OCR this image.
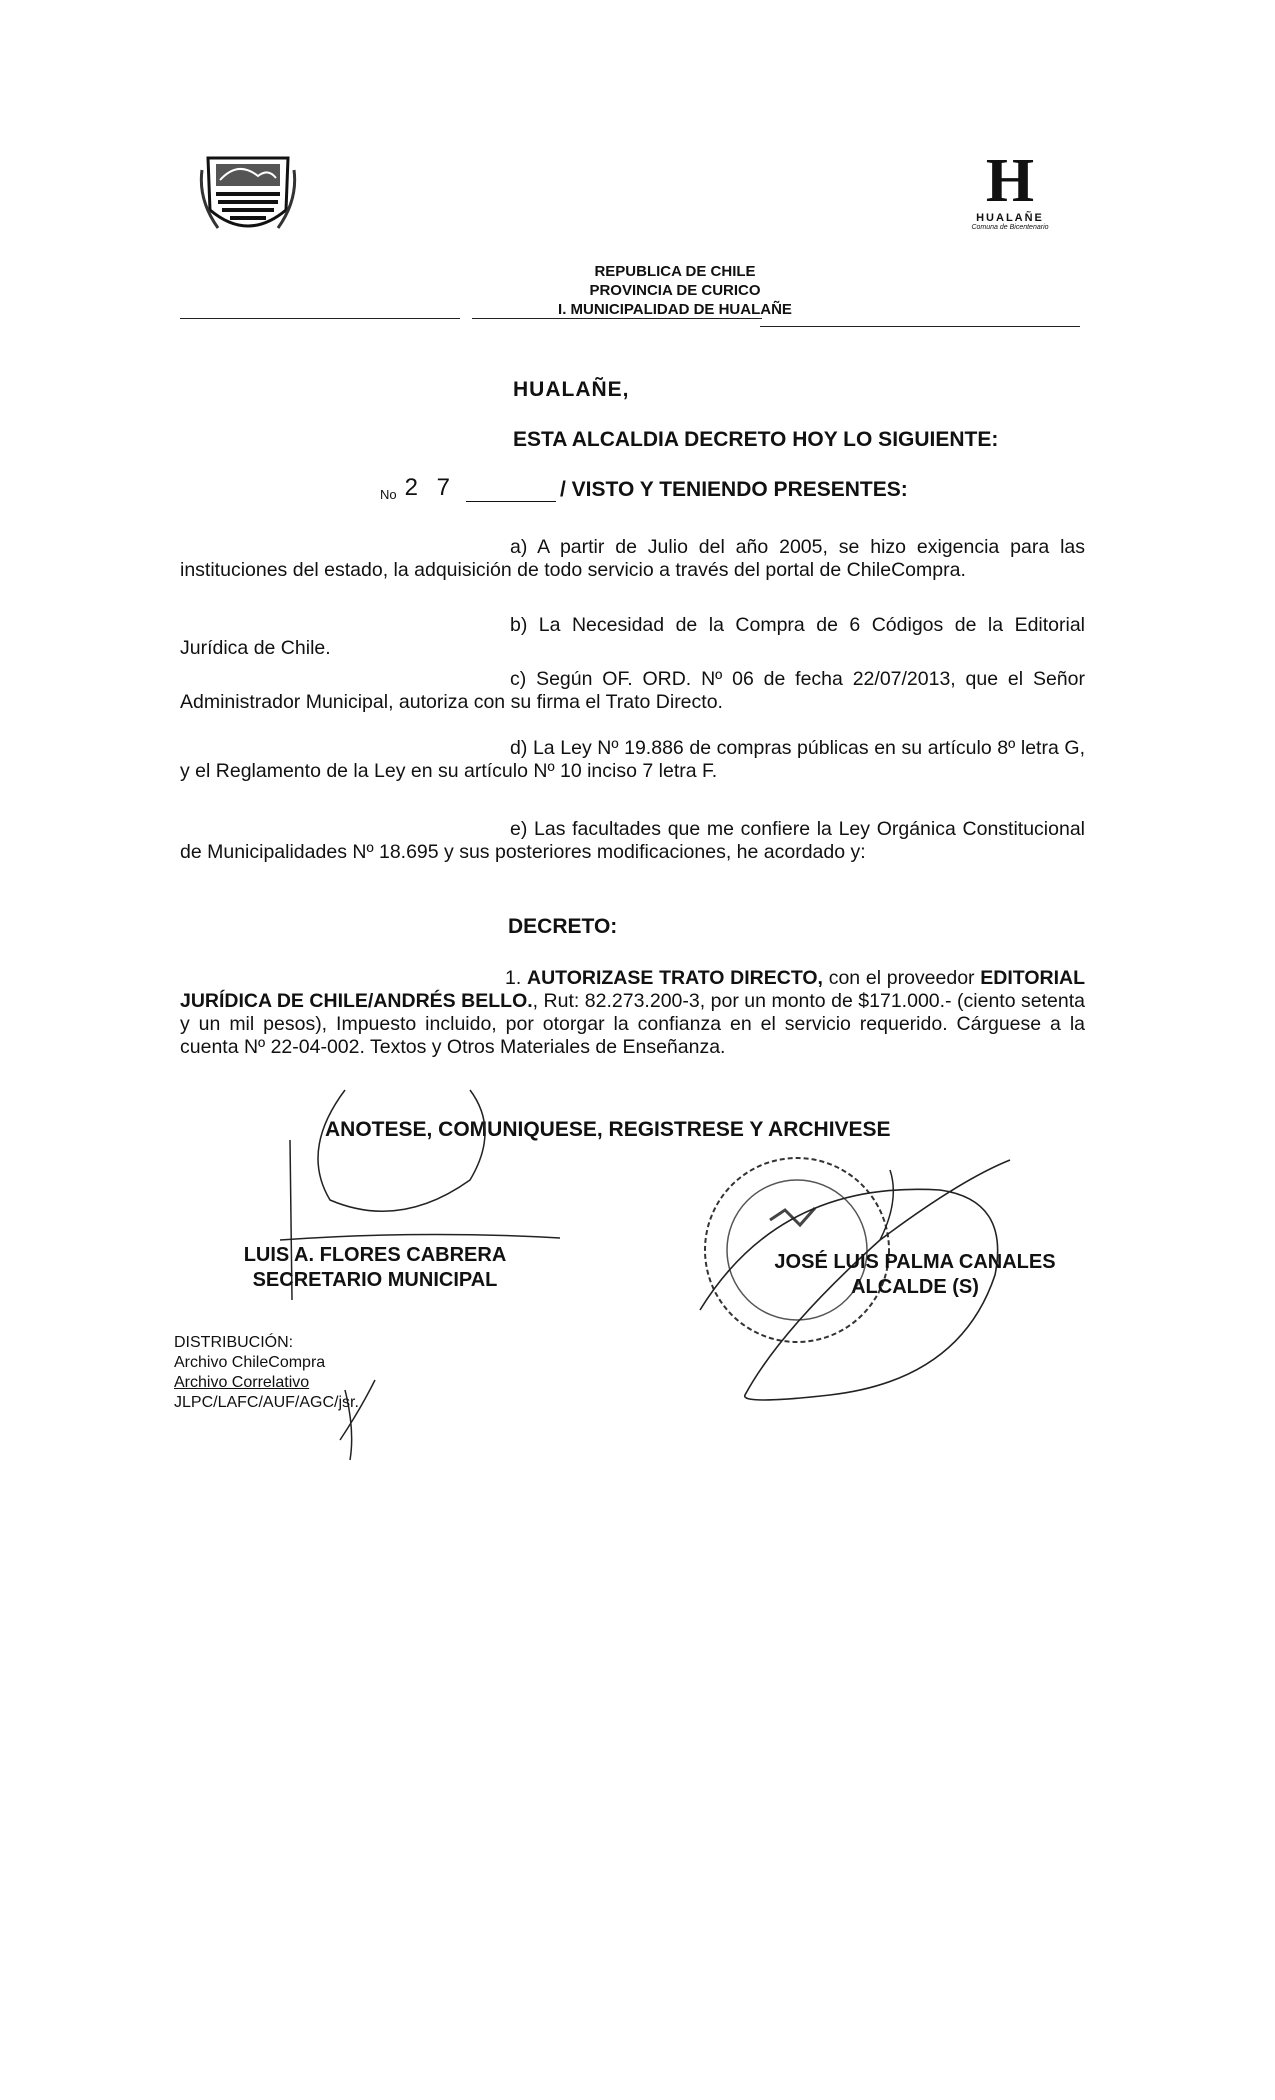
H
HUALAÑE
Comuna de Bicentenario
REPUBLICA DE CHILE
PROVINCIA DE CURICO
I. MUNICIPALIDAD DE HUALAÑE
HUALAÑE,
ESTA ALCALDIA DECRETO HOY LO SIGUIENTE:
No 2 7	/ VISTO Y TENIENDO PRESENTES:
a) A partir de Julio del año 2005, se hizo exigencia para las instituciones del estado, la adquisición de todo servicio a través del portal de ChileCompra.
b) La Necesidad de la Compra de 6 Códigos de la Editorial Jurídica de Chile.
c) Según OF. ORD. Nº 06 de fecha 22/07/2013, que el Señor Administrador Municipal, autoriza con su firma el Trato Directo.
d) La Ley Nº 19.886 de compras públicas en su artículo 8º letra G, y el Reglamento de la Ley en su artículo Nº 10 inciso 7 letra F.
e) Las facultades que me confiere la Ley Orgánica Constitucional de Municipalidades Nº 18.695 y sus posteriores modificaciones, he acordado y:
DECRETO:
1. AUTORIZASE TRATO DIRECTO, con el proveedor EDITORIAL JURÍDICA DE CHILE/ANDRÉS BELLO., Rut: 82.273.200-3, por un monto de $171.000.- (ciento setenta y un mil pesos), Impuesto incluido, por otorgar la confianza en el servicio requerido. Cárguese a la cuenta Nº 22-04-002. Textos y Otros Materiales de Enseñanza.
ANOTESE, COMUNIQUESE, REGISTRESE Y ARCHIVESE
LUIS A. FLORES CABRERA
SECRETARIO MUNICIPAL
JOSÉ LUIS PALMA CANALES
ALCALDE (S)
DISTRIBUCIÓN:
Archivo ChileCompra
Archivo Correlativo
JLPC/LAFC/AUF/AGC/jsr.
